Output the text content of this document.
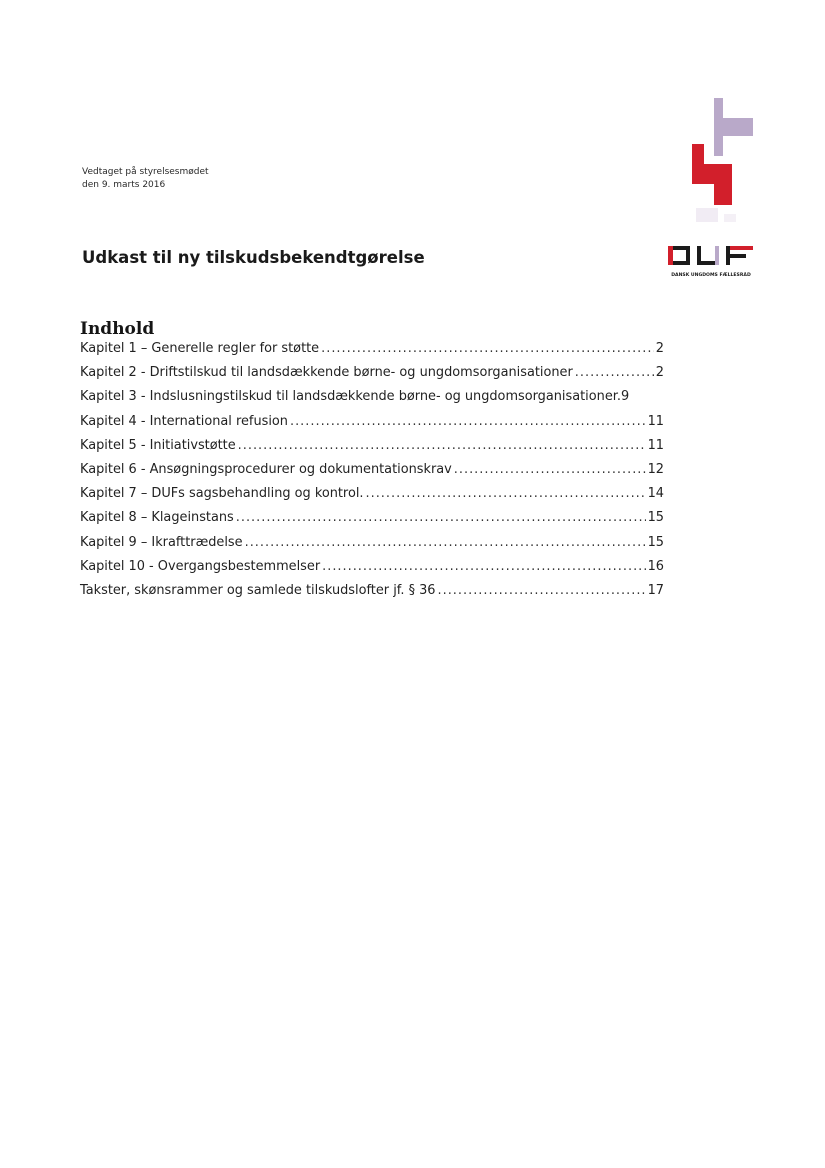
Vedtaget på styrelsesmødet
den 9. marts 2016
Udkast til ny tilskudsbekendtgørelse
DANSK UNGDOMS FÆLLESRÅD
Indhold
Kapitel 1 – Generelle regler for støtte .....	2
Kapitel 2 - Driftstilskud til landsdækkende børne- og ungdomsorganisationer .....	2
Kapitel 3 - Indslusningstilskud til landsdækkende børne- og ungdomsorganisationer. 9
Kapitel 4 - International refusion .....	11
Kapitel 5 - Initiativstøtte .....	11
Kapitel 6 - Ansøgningsprocedurer og dokumentationskrav .....	12
Kapitel 7 – DUFs sagsbehandling og kontrol. .....	14
Kapitel 8 – Klageinstans .....	15
Kapitel 9 – Ikrafttrædelse .....	15
Kapitel 10 - Overgangsbestemmelser .....	16
Takster, skønsrammer og samlede tilskudslofter jf. § 36 .....	17
